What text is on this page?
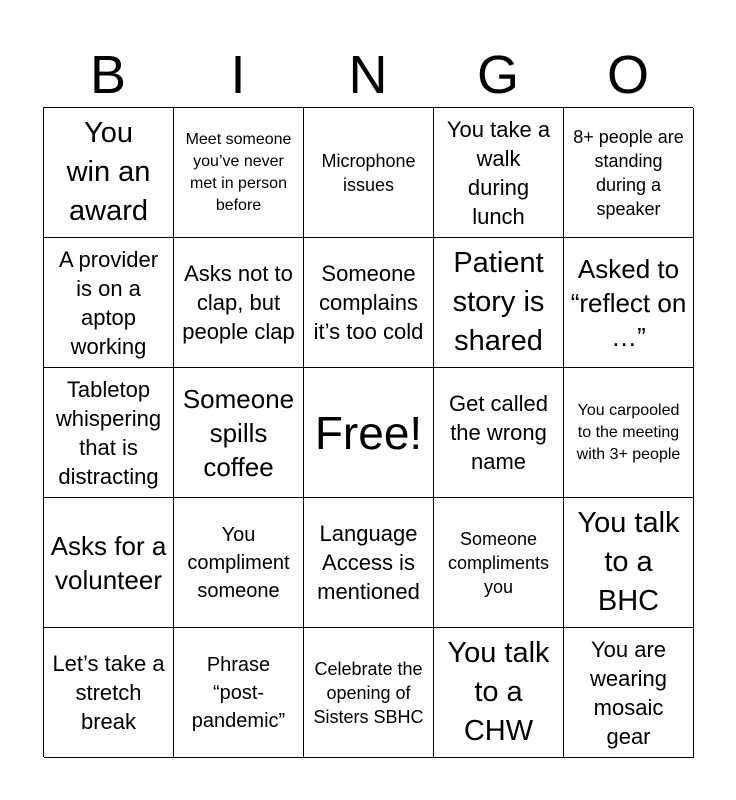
B	I	N	G	O
You win an award
Meet someone you’ve never met in person before
Microphone issues
You take a walk during lunch
8+ people are standing during a speaker
A provider is on a aptop working
Asks not to clap, but people clap
Someone complains it’s too cold
Patient story is shared
Asked to “reflect on …”
Tabletop whispering that is distracting
Someone spills coffee
Free!
Get called the wrong name
You carpooled to the meeting with 3+ people
Asks for a volunteer
You compliment someone
Language Access is mentioned
Someone compliments you
You talk to a BHC
Let’s take a stretch break
Phrase “post-pandemic”
Celebrate the opening of Sisters SBHC
You talk to a CHW
You are wearing mosaic gear
